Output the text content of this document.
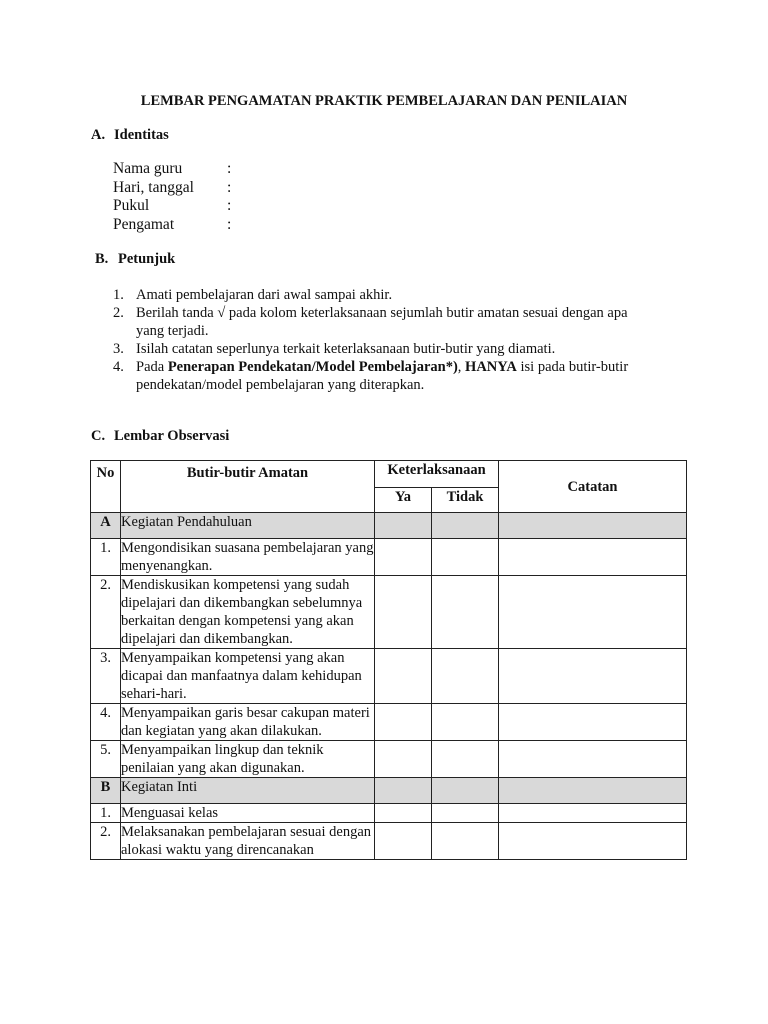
LEMBAR PENGAMATAN PRAKTIK PEMBELAJARAN DAN PENILAIAN
A. Identitas
Nama guru	:
Hari, tanggal :
Pukul	:
Pengamat	:
B. Petunjuk
1. Amati pembelajaran dari awal sampai akhir.
2. Berilah tanda √ pada kolom keterlaksanaan sejumlah butir amatan sesuai dengan apa yang terjadi.
3. Isilah catatan seperlunya terkait keterlaksanaan butir-butir yang diamati.
4. Pada Penerapan Pendekatan/Model Pembelajaran*), HANYA isi pada butir-butir pendekatan/model pembelajaran yang diterapkan.
C. Lembar Observasi
No	Butir-butir Amatan	Keterlaksanaan		Catatan
		Ya	Tidak	
A	Kegiatan Pendahuluan			
1.	Mengondisikan suasana pembelajaran yang menyenangkan.			
2.	Mendiskusikan kompetensi yang sudah dipelajari dan dikembangkan sebelumnya berkaitan dengan kompetensi yang akan dipelajari dan dikembangkan.			
3.	Menyampaikan kompetensi yang akan dicapai dan manfaatnya dalam kehidupan sehari-hari.			
4.	Menyampaikan garis besar cakupan materi dan kegiatan yang akan dilakukan.			
5.	Menyampaikan lingkup dan teknik penilaian yang akan digunakan.			
B	Kegiatan Inti			
1.	Menguasai kelas			
2.	Melaksanakan pembelajaran sesuai dengan alokasi waktu yang direncanakan			
